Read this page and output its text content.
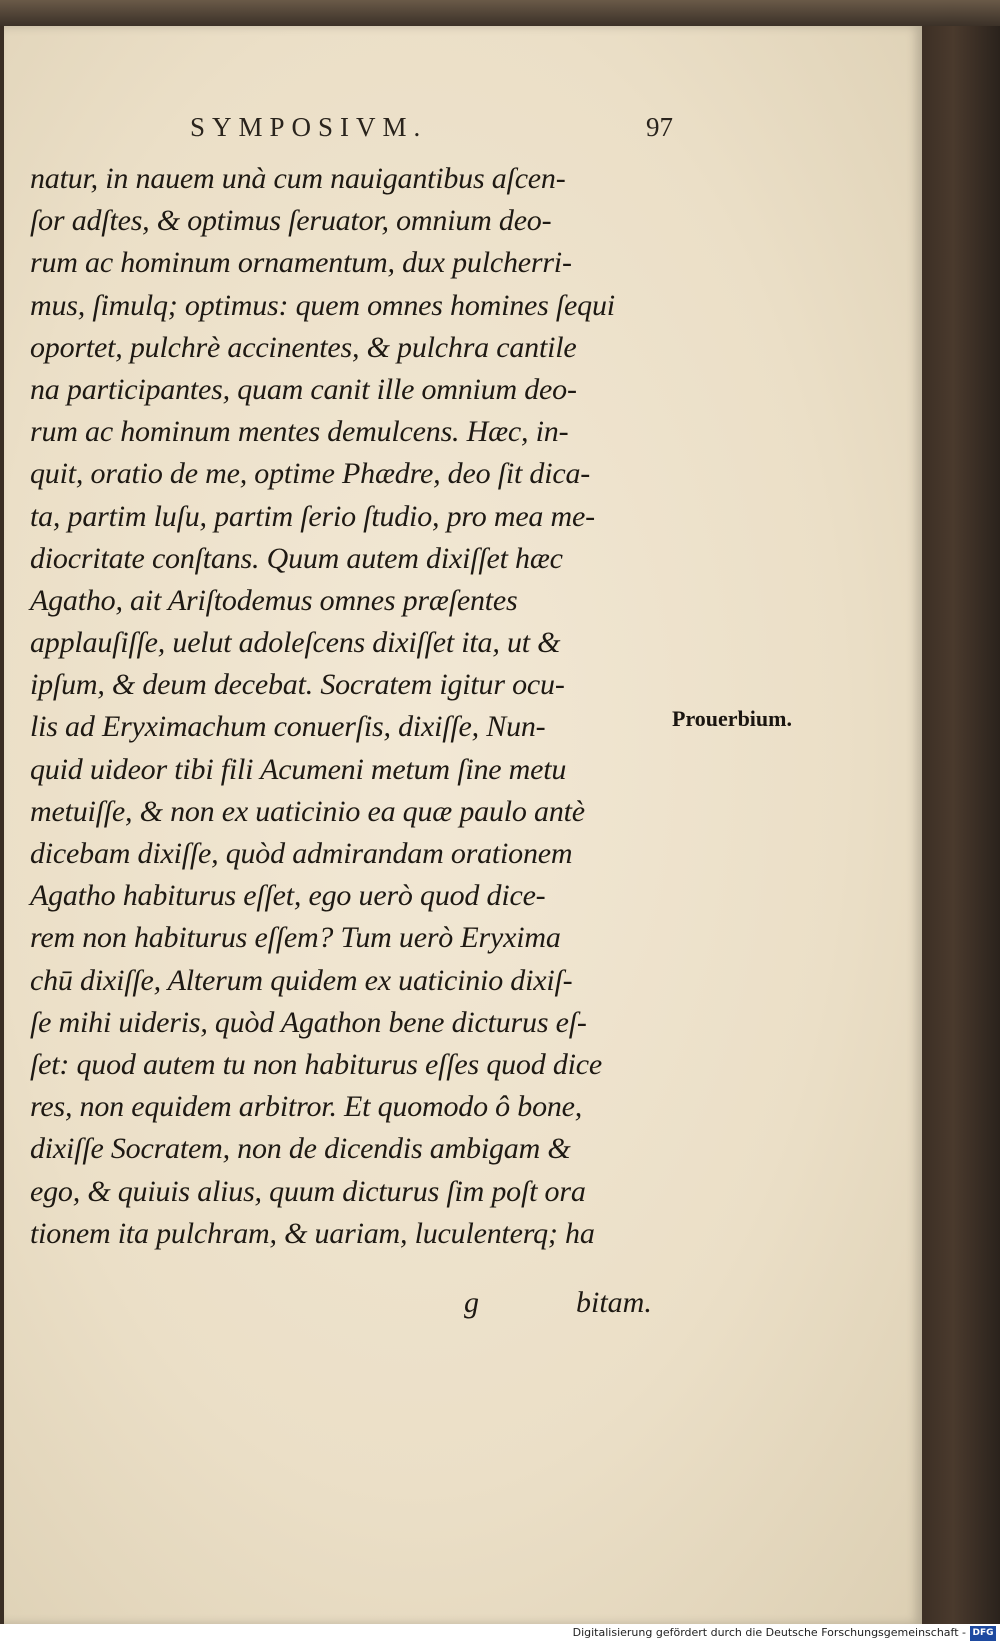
SYMPOSIVM.	97
natur, in nauem unà cum nauigantibus aſcen-
ſor adſtes, & optimus ſeruator, omnium deo-
rum ac hominum ornamentum, dux pulcherri-
mus, ſimulq; optimus: quem omnes homines ſequi
oportet, pulchrè accinentes, & pulchra cantile
na participantes, quam canit ille omnium deo-
rum ac hominum mentes demulcens. Hæc, in-
quit, oratio de me, optime Phædre, deo ſit dica-
ta, partim luſu, partim ſerio ſtudio, pro mea me-
diocritate conſtans. Quum autem dixiſſet hæc
Agatho, ait Ariſtodemus omnes præſentes
applauſiſſe, uelut adoleſcens dixiſſet ita, ut &
ipſum, & deum decebat. Socratem igitur ocu-
lis ad Eryximachum conuerſis, dixiſſe, Nun-
quid uideor tibi fili Acumeni metum ſine metu
metuiſſe, & non ex uaticinio ea quæ paulo antè
dicebam dixiſſe, quòd admirandam orationem
Agatho habiturus eſſet, ego uerò quod dice-
rem non habiturus eſſem? Tum uerò Eryxima
chū dixiſſe, Alterum quidem ex uaticinio dixiſ-
ſe mihi uideris, quòd Agathon bene dicturus eſ-
ſet: quod autem tu non habiturus eſſes quod dice
res, non equidem arbitror. Et quomodo ô bone,
dixiſſe Socratem, non de dicendis ambigam &
ego, & quiuis alius, quum dicturus ſim poſt ora
tionem ita pulchram, & uariam, luculenterq; ha
g	bitam.
Prouerbium.
Digitalisierung gefördert durch die Deutsche Forschungsgemeinschaft - DFG
